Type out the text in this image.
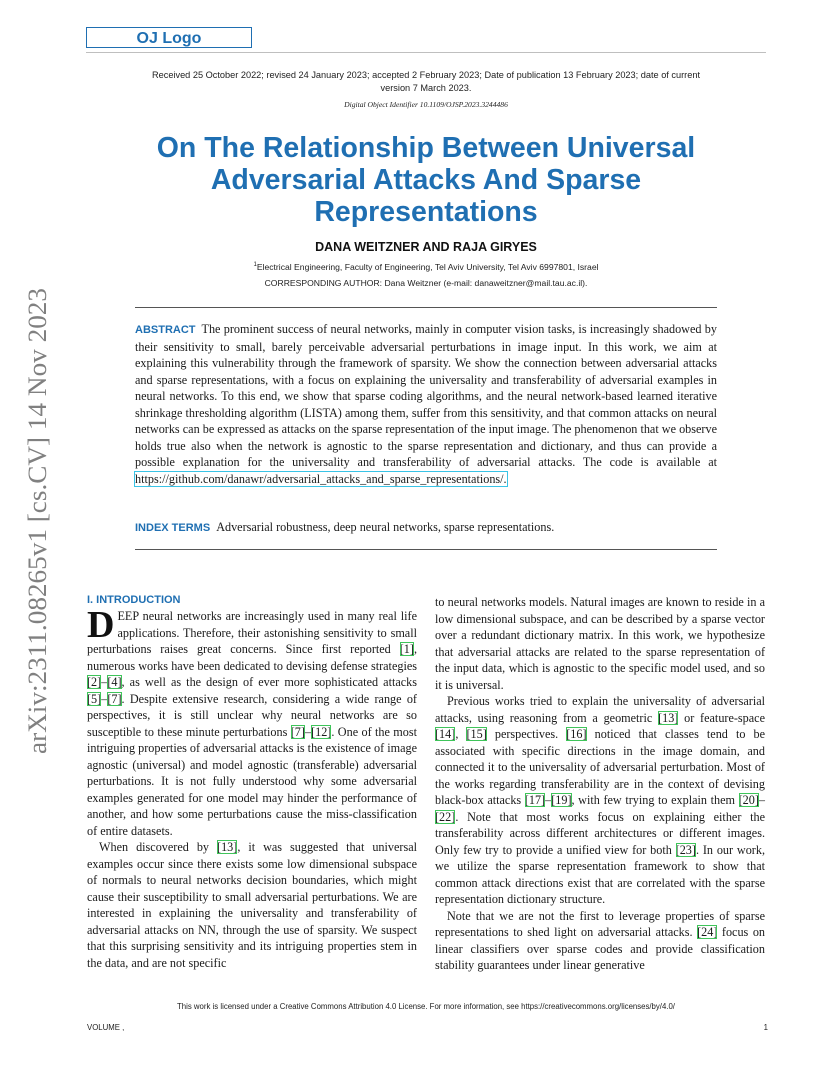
OJ Logo
Received 25 October 2022; revised 24 January 2023; accepted 2 February 2023; Date of publication 13 February 2023; date of current version 7 March 2023.
Digital Object Identifier 10.1109/OJSP.2023.3244486
On The Relationship Between Universal Adversarial Attacks And Sparse Representations
DANA WEITZNER AND RAJA GIRYES
$^1$Electrical Engineering, Faculty of Engineering, Tel Aviv University, Tel Aviv 6997801, Israel
CORRESPONDING AUTHOR: Dana Weitzner (e-mail: danaweitzner@mail.tau.ac.il).
ABSTRACT The prominent success of neural networks, mainly in computer vision tasks, is increasingly shadowed by their sensitivity to small, barely perceivable adversarial perturbations in image input. In this work, we aim at explaining this vulnerability through the framework of sparsity. We show the connection between adversarial attacks and sparse representations, with a focus on explaining the universality and transferability of adversarial examples in neural networks. To this end, we show that sparse coding algorithms, and the neural network-based learned iterative shrinkage thresholding algorithm (LISTA) among them, suffer from this sensitivity, and that common attacks on neural networks can be expressed as attacks on the sparse representation of the input image. The phenomenon that we observe holds true also when the network is agnostic to the sparse representation and dictionary, and thus can provide a possible explanation for the universality and transferability of adversarial attacks. The code is available at https://github.com/danawr/adversarial_attacks_and_sparse_representations/.
INDEX TERMS Adversarial robustness, deep neural networks, sparse representations.
arXiv:2311.08265v1 [cs.CV] 14 Nov 2023	I. INTRODUCTION

DEEP neural networks are increasingly used in many real life applications. Therefore, their astonishing sensitivity to small perturbations raises great concerns. Since first reported [1], numerous works have been dedicated to devising defense strategies [2]–[4], as well as the design of ever more sophisticated attacks [5]–[7]. Despite extensive research, considering a wide range of perspectives, it is still unclear why neural networks are so susceptible to these minute perturbations [7]–[12]. One of the most intriguing properties of adversarial attacks is the existence of image agnostic (universal) and model agnostic (transferable) adversarial perturbations. It is not fully understood why some adversarial examples generated for one model may hinder the performance of another, and how some perturbations cause the miss-classification of entire datasets.

When discovered by [13], it was suggested that universal examples occur since there exists some low dimensional subspace of normals to neural networks decision boundaries, which might cause their susceptibility to small adversarial perturbations. We are interested in explaining the universality and transferability of adversarial attacks on NN, through the use of sparsity. We suspect that this surprising sensitivity and its intriguing properties stem in the data, and are not specific

to neural networks models. Natural images are known to reside in a low dimensional subspace, and can be described by a sparse vector over a redundant dictionary matrix. In this work, we hypothesize that adversarial attacks are related to the sparse representation of the input data, which is agnostic to the specific model used, and so it is universal.

Previous works tried to explain the universality of adversarial attacks, using reasoning from a geometric [13] or feature-space [14], [15] perspectives. [16] noticed that classes tend to be associated with specific directions in the image domain, and connected it to the universality of adversarial perturbation. Most of the works regarding transferability are in the context of devising black-box attacks [17]–[19], with few trying to explain them [20]–[22]. Note that most works focus on explaining either the transferability across different architectures or different images. Only few try to provide a unified view for both [23]. In our work, we utilize the sparse representation framework to show that common attack directions exist that are correlated with the sparse representation dictionary structure.

Note that we are not the first to leverage properties of sparse representations to shed light on adversarial attacks. [24] focus on linear classifiers over sparse codes and provide classification stability guarantees under linear generative

This work is licensed under a Creative Commons Attribution 4.0 License. For more information, see https://creativecommons.org/licenses/by/4.0/
VOLUME ,	1
